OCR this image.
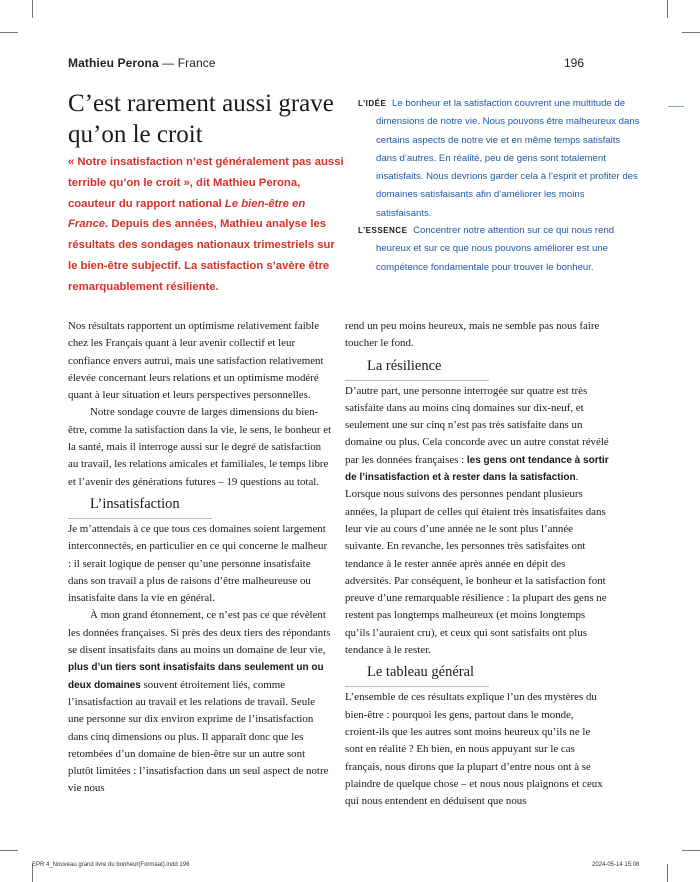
Mathieu Perona — France	196
C’est rarement aussi grave qu’on le croit

« Notre insatisfaction n’est généralement pas aussi terrible qu’on le croit », dit Mathieu Perona, coauteur du rapport national Le bien-être en France. Depuis des années, Mathieu analyse les résultats des sondages nationaux trimestriels sur le bien-être subjectif. La satisfaction s’avère être remarquablement résiliente.

L’IDÉE Le bonheur et la satisfaction couvrent une multitude de dimensions de notre vie. Nous pouvons être malheureux dans certains aspects de notre vie et en même temps satisfaits dans d’autres. En réalité, peu de gens sont totalement insatisfaits. Nous devrions garder cela à l’esprit et profiter des domaines satisfaisants afin d’améliorer les moins satisfaisants.

L’ESSENCE Concentrer notre attention sur ce qui nous rend heureux et sur ce que nous pouvons améliorer est une compétence fondamentale pour trouver le bonheur.

Nos résultats rapportent un optimisme relativement faible chez les Français quant à leur avenir collectif et leur confiance envers autrui, mais une satisfaction relativement élevée concernant leurs relations et un optimisme modéré quant à leur situation et leurs perspectives personnelles.

Notre sondage couvre de larges dimensions du bien-être, comme la satisfaction dans la vie, le sens, le bonheur et la santé, mais il interroge aussi sur le degré de satisfaction au travail, les relations amicales et familiales, le temps libre et l’avenir des générations futures – 19 questions au total.

L’insatisfaction

Je m’attendais à ce que tous ces domaines soient largement interconnectés, en particulier en ce qui concerne le malheur : il serait logique de penser qu’une personne insatisfaite dans son travail a plus de raisons d’être malheureuse ou insatisfaite dans la vie en général.

À mon grand étonnement, ce n’est pas ce que révèlent les données françaises. Si près des deux tiers des répondants se disent insatisfaits dans au moins un domaine de leur vie, plus d’un tiers sont insatisfaits dans seulement un ou deux domaines souvent étroitement liés, comme l’insatisfaction au travail et les relations de travail. Seule une personne sur dix environ exprime de l’insatisfaction dans cinq dimensions ou plus. Il apparaît donc que les retombées d’un domaine de bien-être sur un autre sont plutôt limitées : l’insatisfaction dans un seul aspect de notre vie nous

rend un peu moins heureux, mais ne semble pas nous faire toucher le fond.

La résilience

D’autre part, une personne interrogée sur quatre est très satisfaite dans au moins cinq domaines sur dix-neuf, et seulement une sur cinq n’est pas très satisfaite dans un domaine ou plus. Cela concorde avec un autre constat révélé par les données françaises : les gens ont tendance à sortir de l’insatisfaction et à rester dans la satisfaction. Lorsque nous suivons des personnes pendant plusieurs années, la plupart de celles qui étaient très insatisfaites dans leur vie au cours d’une année ne le sont plus l’année suivante. En revanche, les personnes très satisfaites ont tendance à le rester année après année en dépit des adversités. Par conséquent, le bonheur et la satisfaction font preuve d’une remarquable résilience : la plupart des gens ne restent pas longtemps malheureux (et moins longtemps qu’ils l’auraient cru), et ceux qui sont satisfaits ont plus tendance à le rester.

Le tableau général

L’ensemble de ces résultats explique l’un des mystères du bien-être : pourquoi les gens, partout dans le monde, croient-ils que les autres sont moins heureux qu’ils ne le sont en réalité ? Eh bien, en nous appuyant sur le cas français, nous dirons que la plupart d’entre nous ont à se plaindre de quelque chose – et nous nous plaignons et ceux qui nous entendent en déduisent que nous

EPR 4_Nouveau grand livre du bonheur(Formaat).indd 196	2024-05-14 15:08
